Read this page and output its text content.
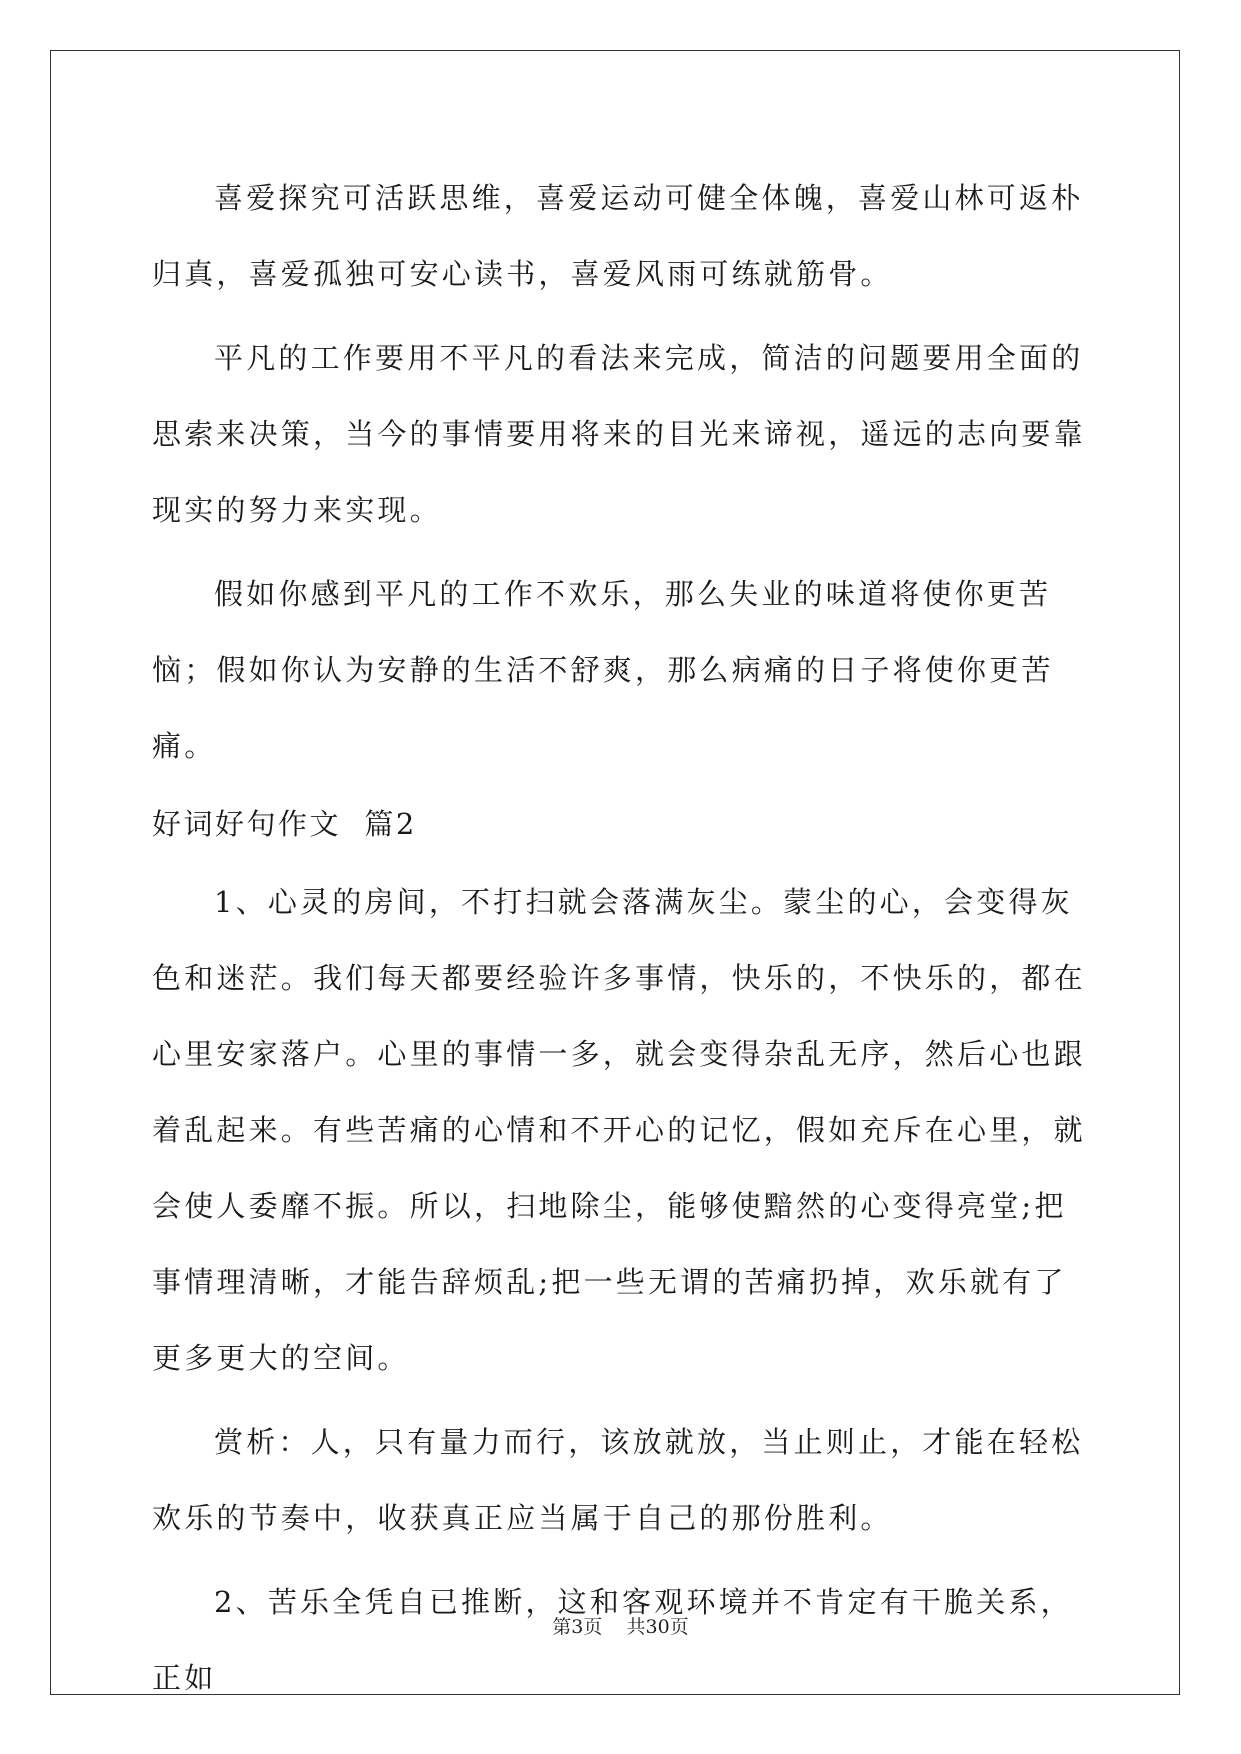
喜爱探究可活跃思维，喜爱运动可健全体魄，喜爱山林可返朴归真，喜爱孤独可安心读书，喜爱风雨可练就筋骨。

平凡的工作要用不平凡的看法来完成，简洁的问题要用全面的思索来决策，当今的事情要用将来的目光来谛视，遥远的志向要靠现实的努力来实现。

假如你感到平凡的工作不欢乐，那么失业的味道将使你更苦恼；假如你认为安静的生活不舒爽，那么病痛的日子将使你更苦痛。

好词好句作文  篇2

1、心灵的房间，不打扫就会落满灰尘。蒙尘的心，会变得灰色和迷茫。我们每天都要经验许多事情，快乐的，不快乐的，都在心里安家落户。心里的事情一多，就会变得杂乱无序，然后心也跟着乱起来。有些苦痛的心情和不开心的记忆，假如充斥在心里，就会使人委靡不振。所以，扫地除尘，能够使黯然的心变得亮堂;把事情理清晰，才能告辞烦乱;把一些无谓的苦痛扔掉，欢乐就有了更多更大的空间。

赏析：人，只有量力而行，该放就放，当止则止，才能在轻松欢乐的节奏中，收获真正应当属于自己的那份胜利。

2、苦乐全凭自已推断，这和客观环境并不肯定有干脆关系，正如

第3页 共30页
